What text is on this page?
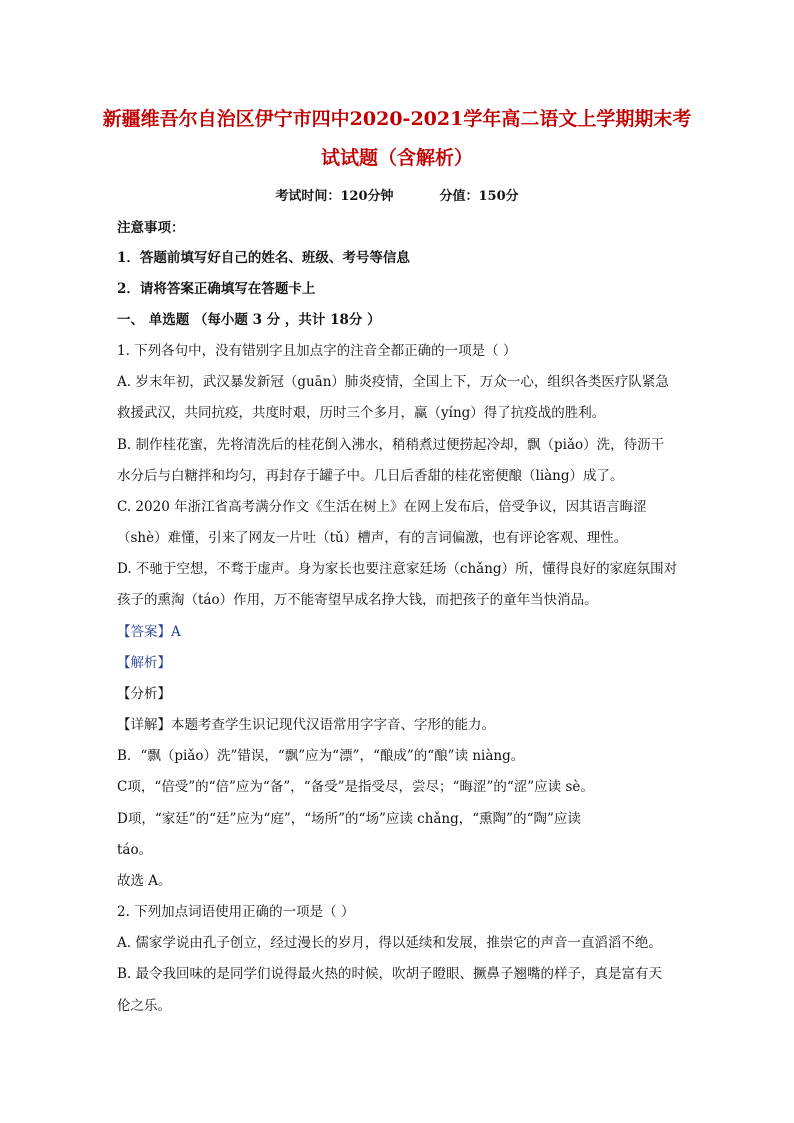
新疆维吾尔自治区伊宁市四中2020-2021学年高二语文上学期期末考
试试题（含解析）
考试时间：120分钟	分值：150分

注意事项：

1．答题前填写好自己的姓名、班级、考号等信息

2．请将答案正确填写在答题卡上

一、 单选题 （每小题 3 分 ，共计 18分 ）

1. 下列各句中，没有错别字且加点字的注音全都正确的一项是（ ）

A. 岁末年初，武汉暴发新冠（guān）肺炎疫情，全国上下，万众一心，组织各类医疗队紧急

救援武汉，共同抗疫，共度时艰，历时三个多月，赢（yíng）得了抗疫战的胜利。

B. 制作桂花蜜，先将清洗后的桂花倒入沸水，稍稍煮过便捞起冷却，飘（piǎo）洗，待沥干

水分后与白糖拌和均匀，再封存于罐子中。几日后香甜的桂花密便酿（liàng）成了。

C. 2020 年浙江省高考满分作文《生活在树上》在网上发布后，倍受争议，因其语言晦涩

（shè）难懂，引来了网友一片吐（tǔ）槽声，有的言词偏激，也有评论客观、理性。

D. 不驰于空想，不骛于虚声。身为家长也要注意家廷场（chǎng）所，懂得良好的家庭氛围对

孩子的熏淘（táo）作用，万不能寄望早成名挣大钱，而把孩子的童年当快消品。

【答案】A

【解析】

【分析】

【详解】本题考查学生识记现代汉语常用字字音、字形的能力。

B．“飘（piǎo）洗”错误，“飘”应为“漂”，“酿成”的“酿”读 niàng。

C项，“倍受”的“倍”应为“备”，“备受”是指受尽，尝尽；“晦涩”的“涩”应读 sè。

D项，“家廷”的“廷”应为“庭”，“场所”的“场”应读 chǎng，“熏陶”的“陶”应读

táo。

故选 A。

2. 下列加点词语使用正确的一项是（ ）

A. 儒家学说由孔子创立，经过漫长的岁月，得以延续和发展，推崇它的声音一直滔滔不绝。

B. 最令我回味的是同学们说得最火热的时候，吹胡子瞪眼、撅鼻子翘嘴的样子，真是富有天

伦之乐。
